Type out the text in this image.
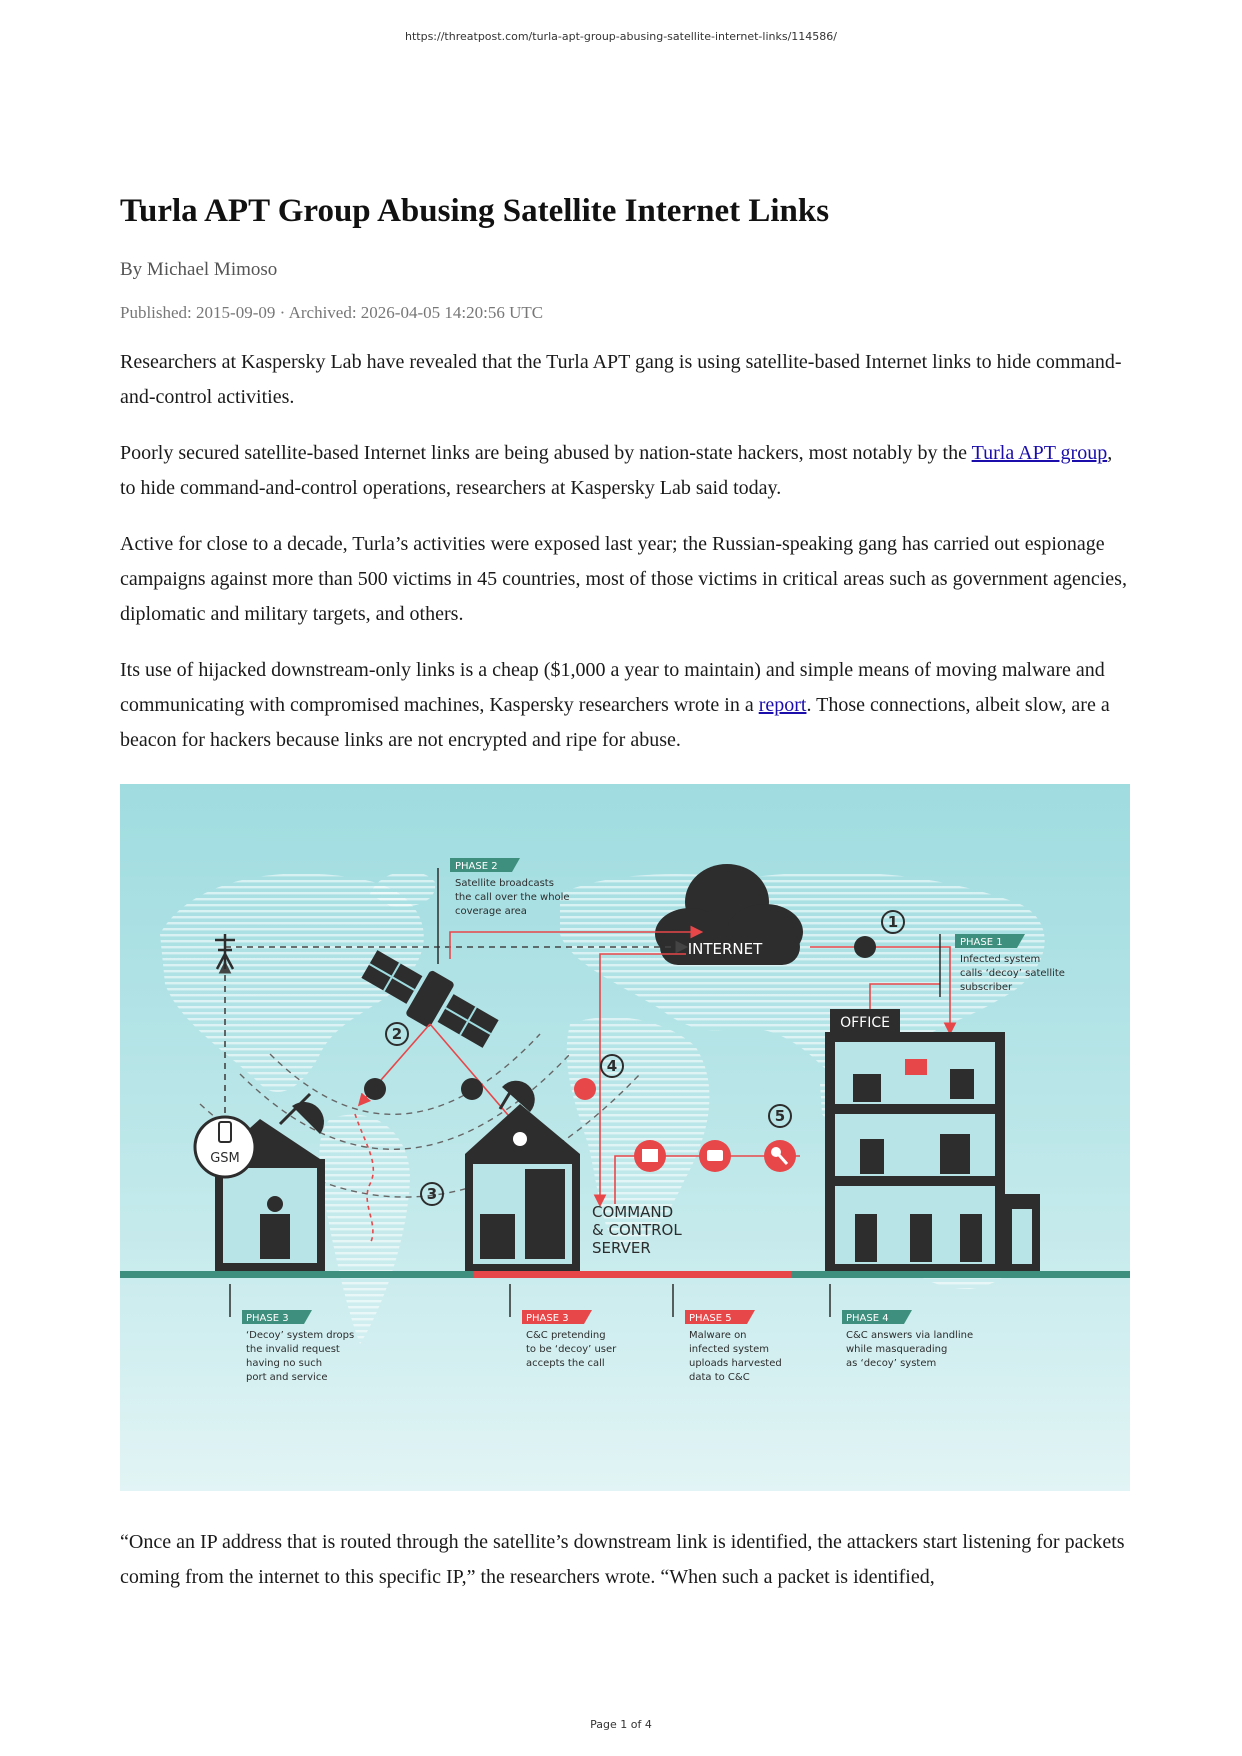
https://threatpost.com/turla-apt-group-abusing-satellite-internet-links/114586/
Turla APT Group Abusing Satellite Internet Links
By Michael Mimoso
Published: 2015-09-09 · Archived: 2026-04-05 14:20:56 UTC

Researchers at Kaspersky Lab have revealed that the Turla APT gang is using satellite-based Internet links to hide command-and-control activities.

Poorly secured satellite-based Internet links are being abused by nation-state hackers, most notably by the Turla APT group, to hide command-and-control operations, researchers at Kaspersky Lab said today.

Active for close to a decade, Turla’s activities were exposed last year; the Russian-speaking gang has carried out espionage campaigns against more than 500 victims in 45 countries, most of those victims in critical areas such as government agencies, diplomatic and military targets, and others.

Its use of hijacked downstream-only links is a cheap ($1,000 a year to maintain) and simple means of moving malware and communicating with compromised machines, Kaspersky researchers wrote in a report. Those connections, albeit slow, are a beacon for hackers because links are not encrypted and ripe for abuse.

INTERNET
1
2
3
4
5
GSM
COMMAND
& CONTROL
SERVER
OFFICE
PHASE 2
Satellite broadcasts
the call over the whole
coverage area
PHASE 1
Infected system
calls ‘decoy’ satellite
subscriber
PHASE 3
‘Decoy’ system drops
the invalid request
having no such
port and service
PHASE 3
C&C pretending
to be ‘decoy’ user
accepts the call
PHASE 5
Malware on
infected system
uploads harvested
data to C&C
PHASE 4
C&C answers via landline
while masquerading
as ‘decoy’ system

“Once an IP address that is routed through the satellite’s downstream link is identified, the attackers start listening for packets coming from the internet to this specific IP,” the researchers wrote. “When such a packet is identified,

Page 1 of 4
